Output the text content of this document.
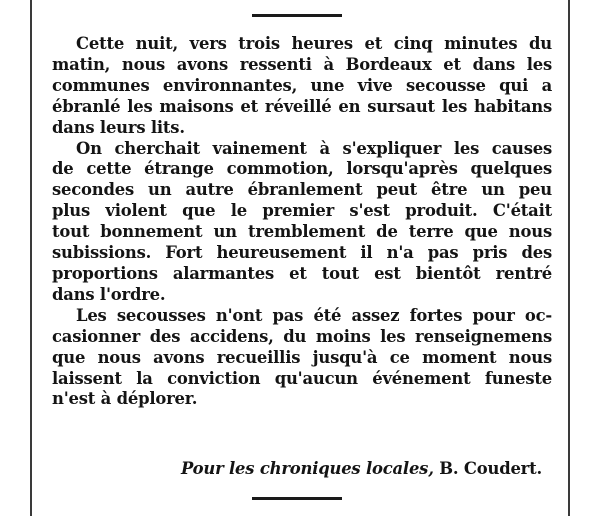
Cette nuit, vers trois heures et cinq minutes du
matin, nous avons ressenti à Bordeaux et dans les
communes environnantes, une vive secousse qui a
ébranlé les maisons et réveillé en sursaut les habitans
dans leurs lits.

On cherchait vainement à s'expliquer les causes
de cette étrange commotion, lorsqu'après quelques
secondes un autre ébranlement peut être un peu
plus violent que le premier s'est produit. C'était
tout bonnement un tremblement de terre que nous
subissions. Fort heureusement il n'a pas pris des
proportions alarmantes et tout est bientôt rentré
dans l'ordre.

Les secousses n'ont pas été assez fortes pour oc-
casionner des accidens, du moins les renseignemens
que nous avons recueillis jusqu'à ce moment nous
laissent la conviction qu'aucun événement funeste
n'est à déplorer.

Pour les chroniques locales, B. Coudert.
